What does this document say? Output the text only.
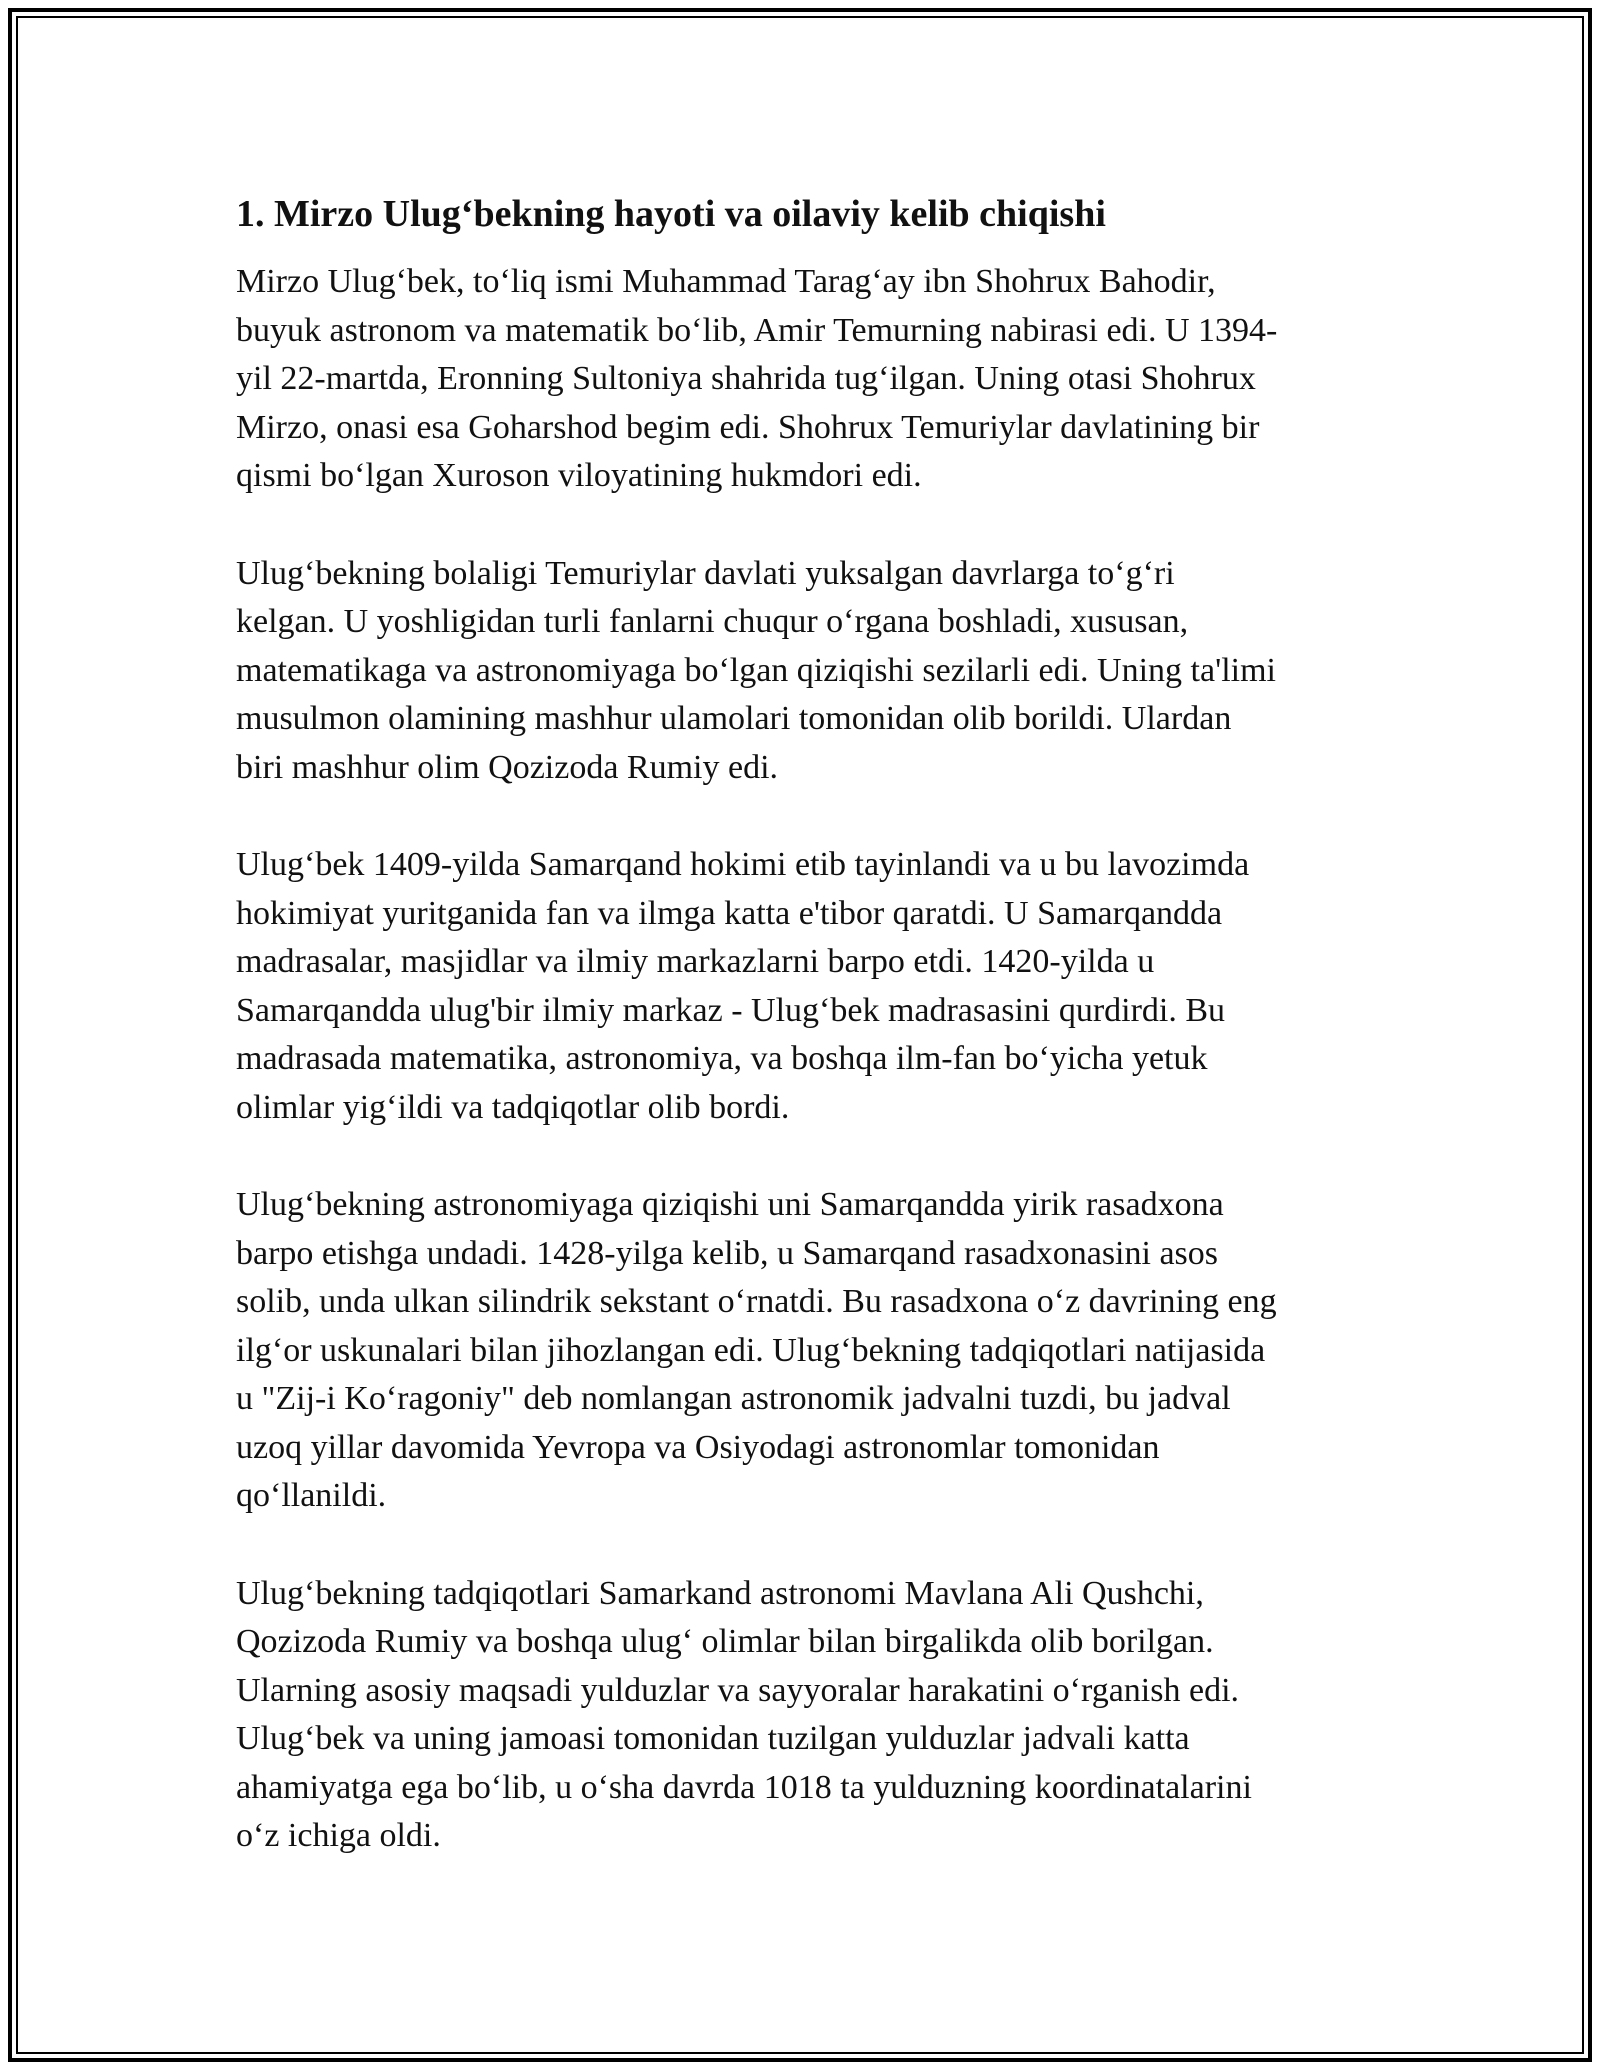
1. Mirzo Ulug‘bekning hayoti va oilaviy kelib chiqishi

Mirzo Ulug‘bek, to‘liq ismi Muhammad Tarag‘ay ibn Shohrux Bahodir,
buyuk astronom va matematik bo‘lib, Amir Temurning nabirasi edi. U 1394-
yil 22-martda, Eronning Sultoniya shahrida tug‘ilgan. Uning otasi Shohrux
Mirzo, onasi esa Goharshod begim edi. Shohrux Temuriylar davlatining bir
qismi bo‘lgan Xuroson viloyatining hukmdori edi.

Ulug‘bekning bolaligi Temuriylar davlati yuksalgan davrlarga to‘g‘ri
kelgan. U yoshligidan turli fanlarni chuqur o‘rgana boshladi, xususan,
matematikaga va astronomiyaga bo‘lgan qiziqishi sezilarli edi. Uning ta'limi
musulmon olamining mashhur ulamolari tomonidan olib borildi. Ulardan
biri mashhur olim Qozizoda Rumiy edi.

Ulug‘bek 1409-yilda Samarqand hokimi etib tayinlandi va u bu lavozimda
hokimiyat yuritganida fan va ilmga katta e'tibor qaratdi. U Samarqandda
madrasalar, masjidlar va ilmiy markazlarni barpo etdi. 1420-yilda u
Samarqandda ulug'bir ilmiy markaz - Ulug‘bek madrasasini qurdirdi. Bu
madrasada matematika, astronomiya, va boshqa ilm-fan bo‘yicha yetuk
olimlar yig‘ildi va tadqiqotlar olib bordi.

Ulug‘bekning astronomiyaga qiziqishi uni Samarqandda yirik rasadxona
barpo etishga undadi. 1428-yilga kelib, u Samarqand rasadxonasini asos
solib, unda ulkan silindrik sekstant o‘rnatdi. Bu rasadxona o‘z davrining eng
ilg‘or uskunalari bilan jihozlangan edi. Ulug‘bekning tadqiqotlari natijasida
u "Zij-i Ko‘ragoniy" deb nomlangan astronomik jadvalni tuzdi, bu jadval
uzoq yillar davomida Yevropa va Osiyodagi astronomlar tomonidan
qo‘llanildi.

Ulug‘bekning tadqiqotlari Samarkand astronomi Mavlana Ali Qushchi,
Qozizoda Rumiy va boshqa ulug‘ olimlar bilan birgalikda olib borilgan.
Ularning asosiy maqsadi yulduzlar va sayyoralar harakatini o‘rganish edi.
Ulug‘bek va uning jamoasi tomonidan tuzilgan yulduzlar jadvali katta
ahamiyatga ega bo‘lib, u o‘sha davrda 1018 ta yulduzning koordinatalarini
o‘z ichiga oldi.
